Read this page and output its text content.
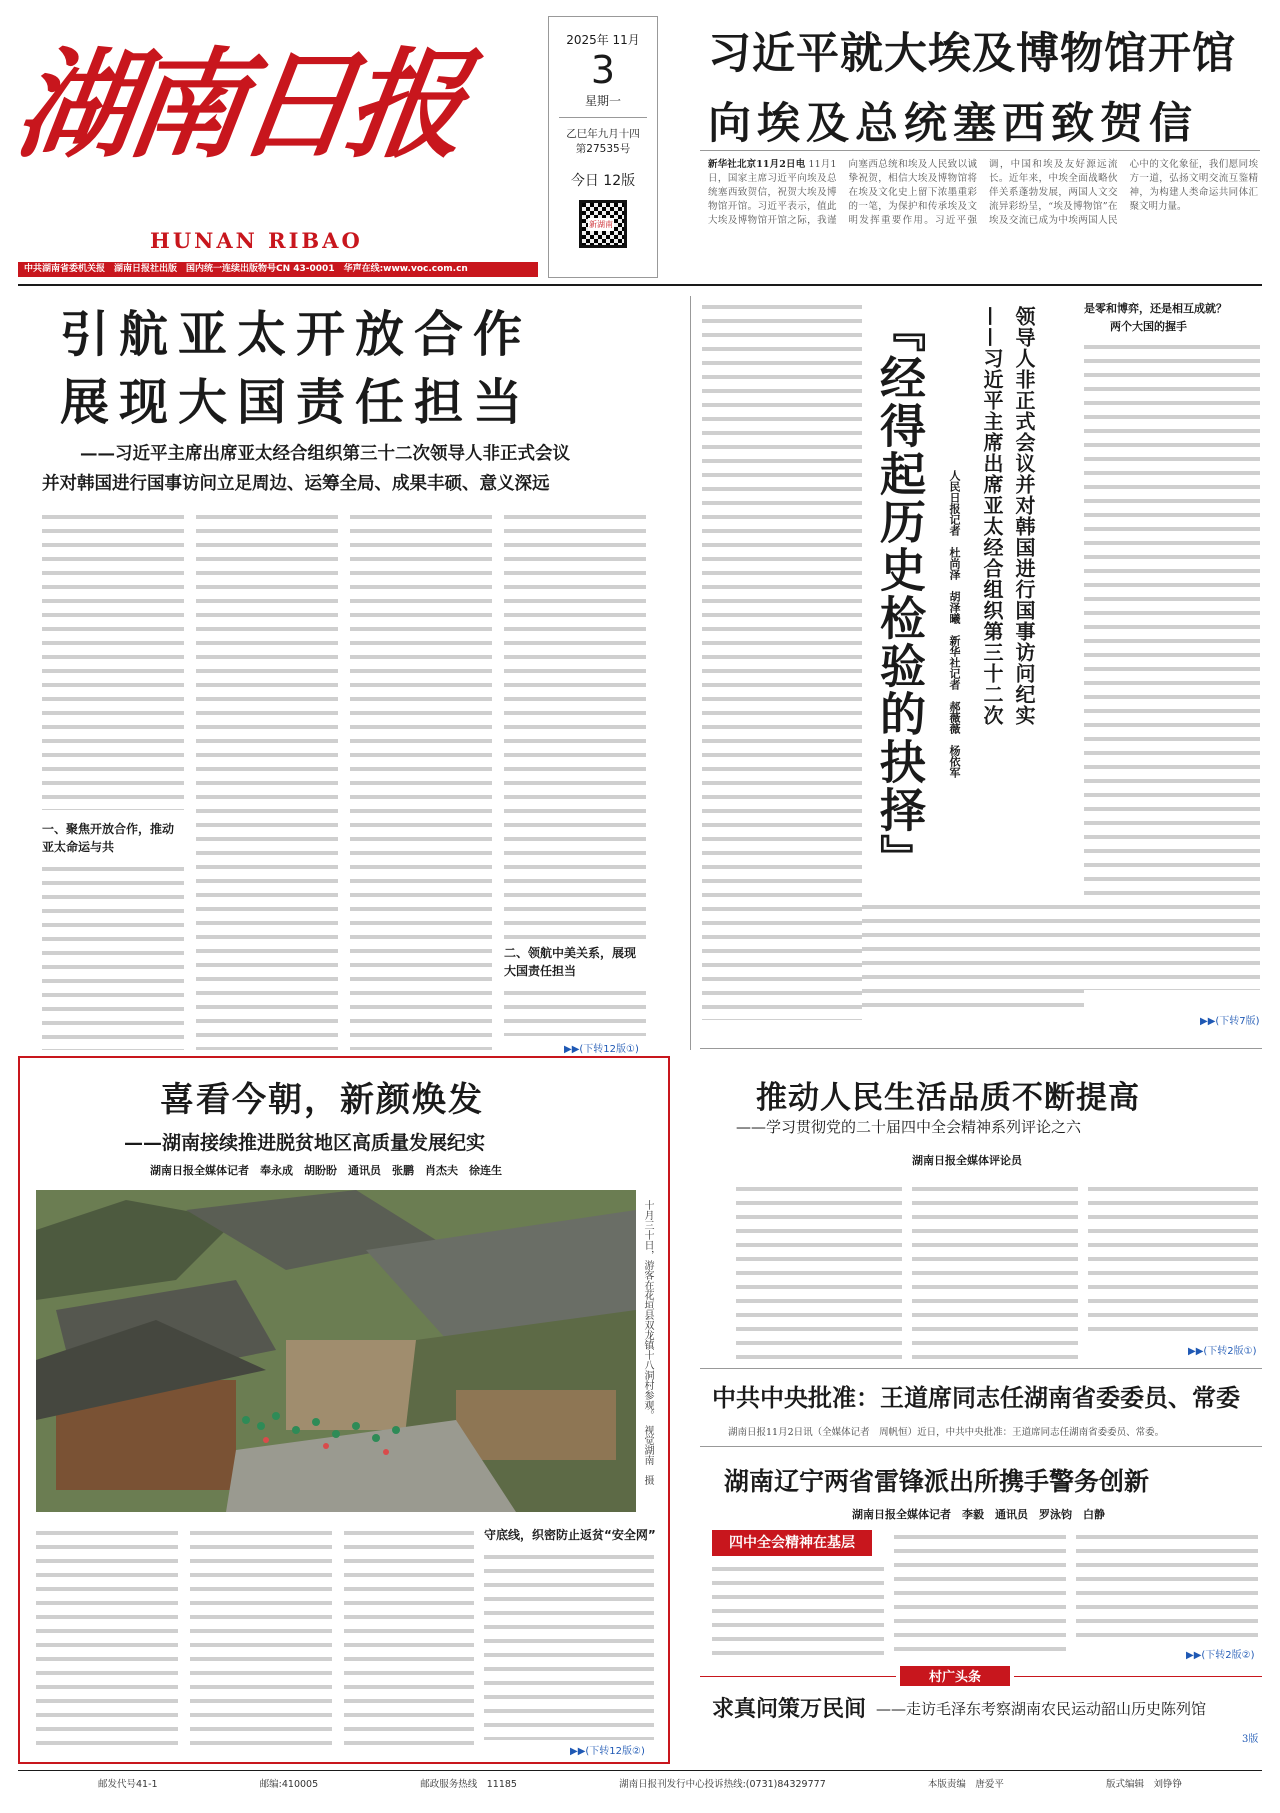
湖南日报
HUNAN RIBAO
2025年 11月
3
星期一
乙巳年九月十四
第27535号
今日 12版
新湖南
中共湖南省委机关报　湖南日报社出版　国内统一连续出版物号CN 43-0001　华声在线:www.voc.com.cn
习近平就大埃及博物馆开馆
向埃及总统塞西致贺信
新华社北京11月2日电 11月1日，国家主席习近平向埃及总统塞西致贺信，祝贺大埃及博物馆开馆。习近平表示，值此大埃及博物馆开馆之际，我谨向塞西总统和埃及人民致以诚挚祝贺，相信大埃及博物馆将在埃及文化史上留下浓墨重彩的一笔，为保护和传承埃及文明发挥重要作用。习近平强调，中国和埃及友好源远流长。近年来，中埃全面战略伙伴关系蓬勃发展，两国人文交流异彩纷呈，“埃及博物馆”在埃及交流已成为中埃两国人民心中的文化象征，我们愿同埃方一道，弘扬文明交流互鉴精神，为构建人类命运共同体汇聚文明力量。
引航亚太开放合作
展现大国责任担当
——习近平主席出席亚太经合组织第三十二次领导人非正式会议
并对韩国进行国事访问立足周边、运筹全局、成果丰硕、意义深远
一、聚焦开放合作，推动亚太命运与共
二、领航中美关系，展现大国责任担当
▶▶(下转12版①)
『经得起历史检验的抉择』	领导人非正式会议并对韩国进行国事访问纪实
——习近平主席出席亚太经合组织第三十二次
人民日报记者　杜尚泽　胡泽曦　新华社记者　郝薇薇　杨依军
是零和博弈，还是相互成就？
两个大国的握手
▶▶(下转7版)
喜看今朝，新颜焕发
——湖南接续推进脱贫地区高质量发展纪实
湖南日报全媒体记者　奉永成　胡盼盼　通讯员　张鹏　肖杰夫　徐连生
十月三十日，游客在花垣县双龙镇十八洞村参观。　视觉湖南　摄
守底线，织密防止返贫“安全网”
▶▶(下转12版②)
推动人民生活品质不断提高
——学习贯彻党的二十届四中全会精神系列评论之六
湖南日报全媒体评论员
▶▶(下转2版①)
中共中央批准：王道席同志任湖南省委委员、常委
湖南日报11月2日讯（全媒体记者　周帆恒）近日，中共中央批准：王道席同志任湖南省委委员、常委。
湖南辽宁两省雷锋派出所携手警务创新
湖南日报全媒体记者　李毅　通讯员　罗泳钧　白静
四中全会精神在基层
▶▶(下转2版②)
村广头条
求真问策万民间 ——走访毛泽东考察湖南农民运动韶山历史陈列馆
3版
邮发代号41-1	邮编:410005	邮政服务热线　11185	湖南日报刊发行中心投诉热线:(0731)84329777	本版责编　唐爱平	版式编辑　刘铮铮
